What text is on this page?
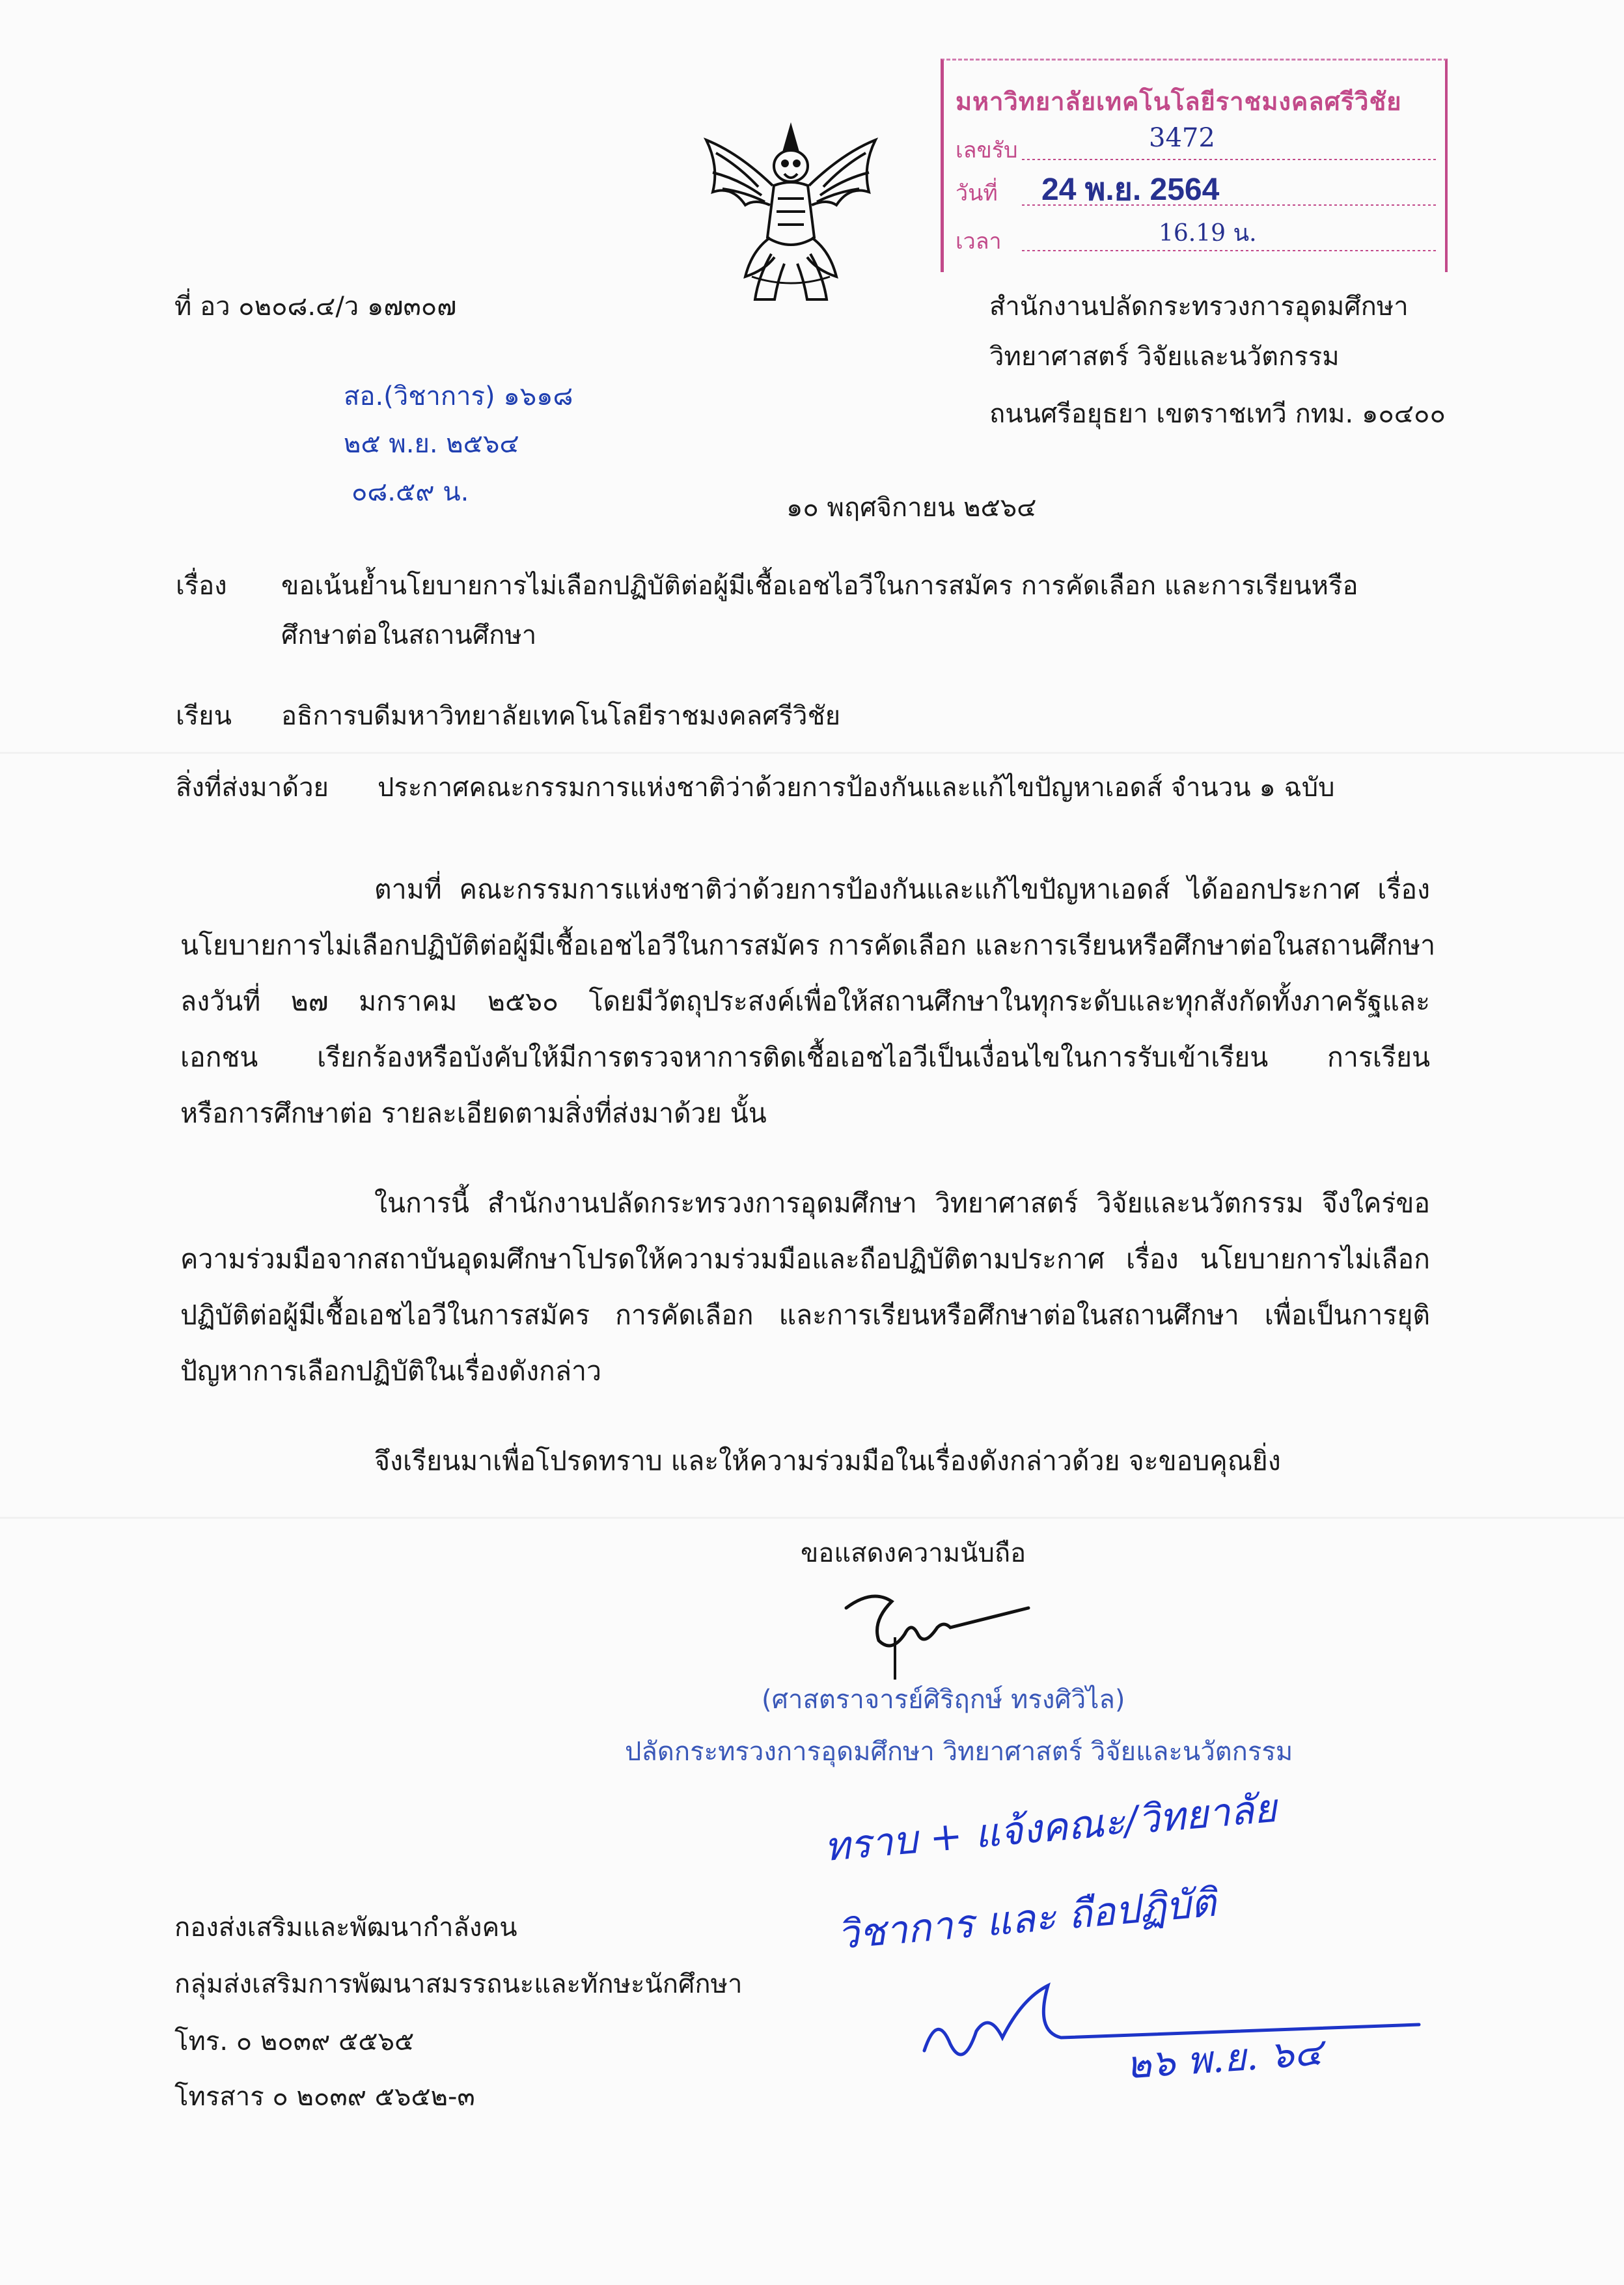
มหาวิทยาลัยเทคโนโลยีราชมงคลศรีวิชัย
เลขรับ
วันที่
เวลา
3472
24 พ.ย. 2564
16.19 น.
ที่ อว ๐๒๐๘.๔/ว ๑๗๓๐๗	สำนักงานปลัดกระทรวงการอุดมศึกษา
วิทยาศาสตร์ วิจัยและนวัตกรรม
ถนนศรีอยุธยา เขตราชเทวี กทม. ๑๐๔๐๐
สอ.(วิชาการ) ๑๖๑๘
๒๕ พ.ย. ๒๕๖๔
๐๘.๕๙ น.
๑๐ พฤศจิกายน ๒๕๖๔
เรื่อง ขอเน้นย้ำนโยบายการไม่เลือกปฏิบัติต่อผู้มีเชื้อเอชไอวีในการสมัคร การคัดเลือก และการเรียนหรือ
ศึกษาต่อในสถานศึกษา
เรียน อธิการบดีมหาวิทยาลัยเทคโนโลยีราชมงคลศรีวิชัย
สิ่งที่ส่งมาด้วย ประกาศคณะกรรมการแห่งชาติว่าด้วยการป้องกันและแก้ไขปัญหาเอดส์ จำนวน ๑ ฉบับ
ตามที่ คณะกรรมการแห่งชาติว่าด้วยการป้องกันและแก้ไขปัญหาเอดส์ ได้ออกประกาศ เรื่อง
นโยบายการไม่เลือกปฏิบัติต่อผู้มีเชื้อเอชไอวีในการสมัคร การคัดเลือก และการเรียนหรือศึกษาต่อในสถานศึกษา
ลงวันที่ ๒๗ มกราคม ๒๕๖๐ โดยมีวัตถุประสงค์เพื่อให้สถานศึกษาในทุกระดับและทุกสังกัดทั้งภาครัฐและ
เอกชน เรียกร้องหรือบังคับให้มีการตรวจหาการติดเชื้อเอชไอวีเป็นเงื่อนไขในการรับเข้าเรียน การเรียน
หรือการศึกษาต่อ รายละเอียดตามสิ่งที่ส่งมาด้วย นั้น
ในการนี้ สำนักงานปลัดกระทรวงการอุดมศึกษา วิทยาศาสตร์ วิจัยและนวัตกรรม จึงใคร่ขอ
ความร่วมมือจากสถาบันอุดมศึกษาโปรดให้ความร่วมมือและถือปฏิบัติตามประกาศ เรื่อง นโยบายการไม่เลือก
ปฏิบัติต่อผู้มีเชื้อเอชไอวีในการสมัคร การคัดเลือก และการเรียนหรือศึกษาต่อในสถานศึกษา เพื่อเป็นการยุติ
ปัญหาการเลือกปฏิบัติในเรื่องดังกล่าว
จึงเรียนมาเพื่อโปรดทราบ และให้ความร่วมมือในเรื่องดังกล่าวด้วย จะขอบคุณยิ่ง
ขอแสดงความนับถือ
(ศาสตราจารย์ศิริฤกษ์ ทรงศิวิไล)
ปลัดกระทรวงการอุดมศึกษา วิทยาศาสตร์ วิจัยและนวัตกรรม
ทราบ + แจ้งคณะ/วิทยาลัย
วิชาการ และ ถือปฏิบัติ
๒๖ พ.ย. ๖๔
กองส่งเสริมและพัฒนากำลังคน
กลุ่มส่งเสริมการพัฒนาสมรรถนะและทักษะนักศึกษา
โทร. ๐ ๒๐๓๙ ๕๕๖๕
โทรสาร ๐ ๒๐๓๙ ๕๖๕๒-๓
